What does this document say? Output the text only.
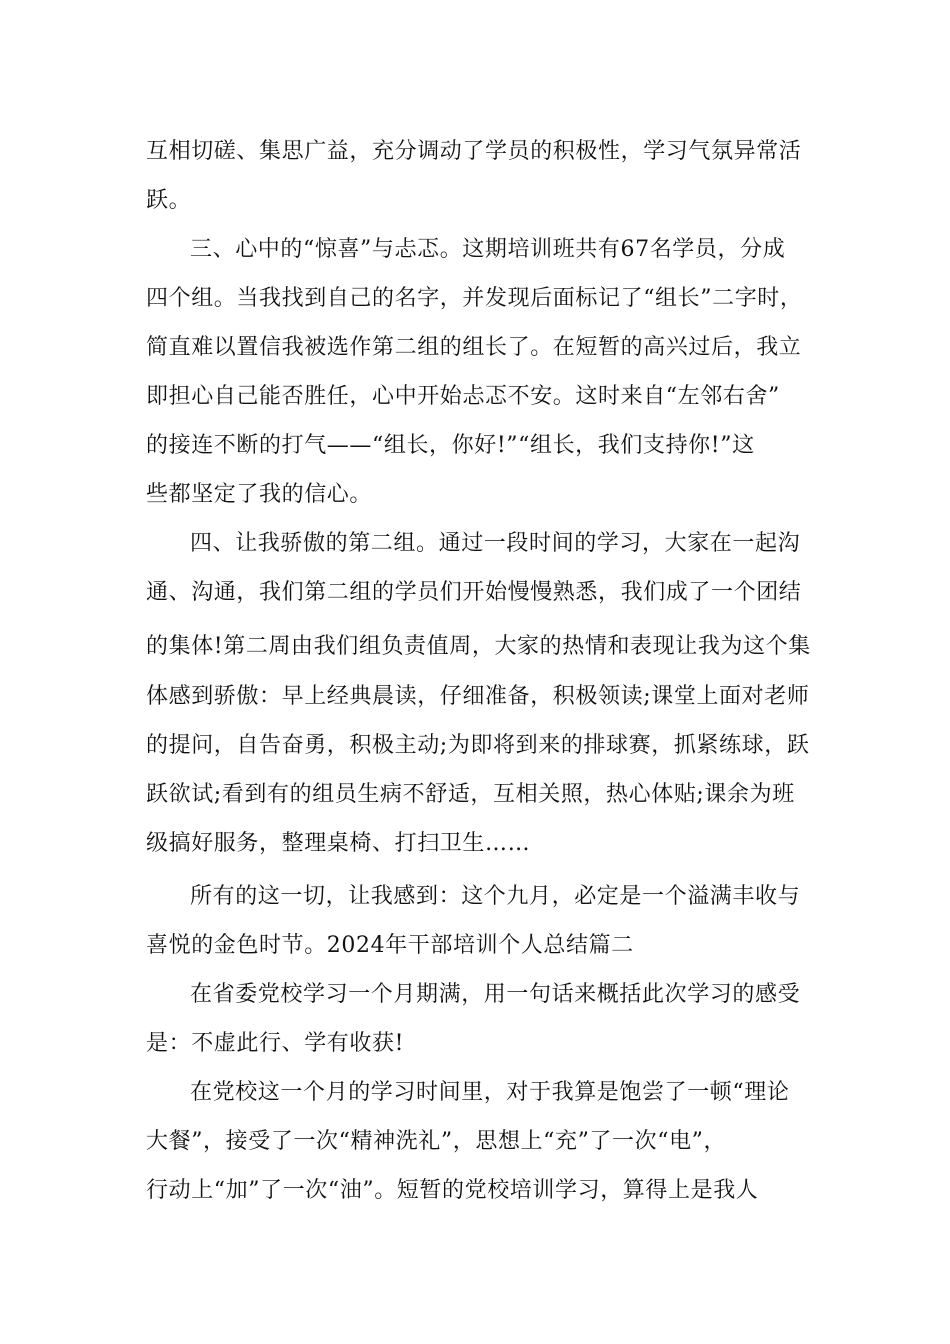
互相切磋、集思广益，充分调动了学员的积极性，学习气氛异常活
跃。
三、心中的“惊喜”与忐忑。这期培训班共有67名学员，分成
四个组。当我找到自己的名字，并发现后面标记了“组长”二字时，
简直难以置信我被选作第二组的组长了。在短暂的高兴过后，我立
即担心自己能否胜任，心中开始忐忑不安。这时来自“左邻右舍”
的接连不断的打气——“组长，你好!”“组长，我们支持你!”这
些都坚定了我的信心。
四、让我骄傲的第二组。通过一段时间的学习，大家在一起沟
通、沟通，我们第二组的学员们开始慢慢熟悉，我们成了一个团结
的集体!第二周由我们组负责值周，大家的热情和表现让我为这个集
体感到骄傲：早上经典晨读，仔细准备，积极领读;课堂上面对老师
的提问，自告奋勇，积极主动;为即将到来的排球赛，抓紧练球，跃
跃欲试;看到有的组员生病不舒适，互相关照，热心体贴;课余为班
级搞好服务，整理桌椅、打扫卫生……
所有的这一切，让我感到：这个九月，必定是一个溢满丰收与
喜悦的金色时节。2024年干部培训个人总结篇二
在省委党校学习一个月期满，用一句话来概括此次学习的感受
是：不虚此行、学有收获!
在党校这一个月的学习时间里，对于我算是饱尝了一顿“理论
大餐”，接受了一次“精神洗礼”，思想上“充”了一次“电”，
行动上“加”了一次“油”。短暂的党校培训学习，算得上是我人
